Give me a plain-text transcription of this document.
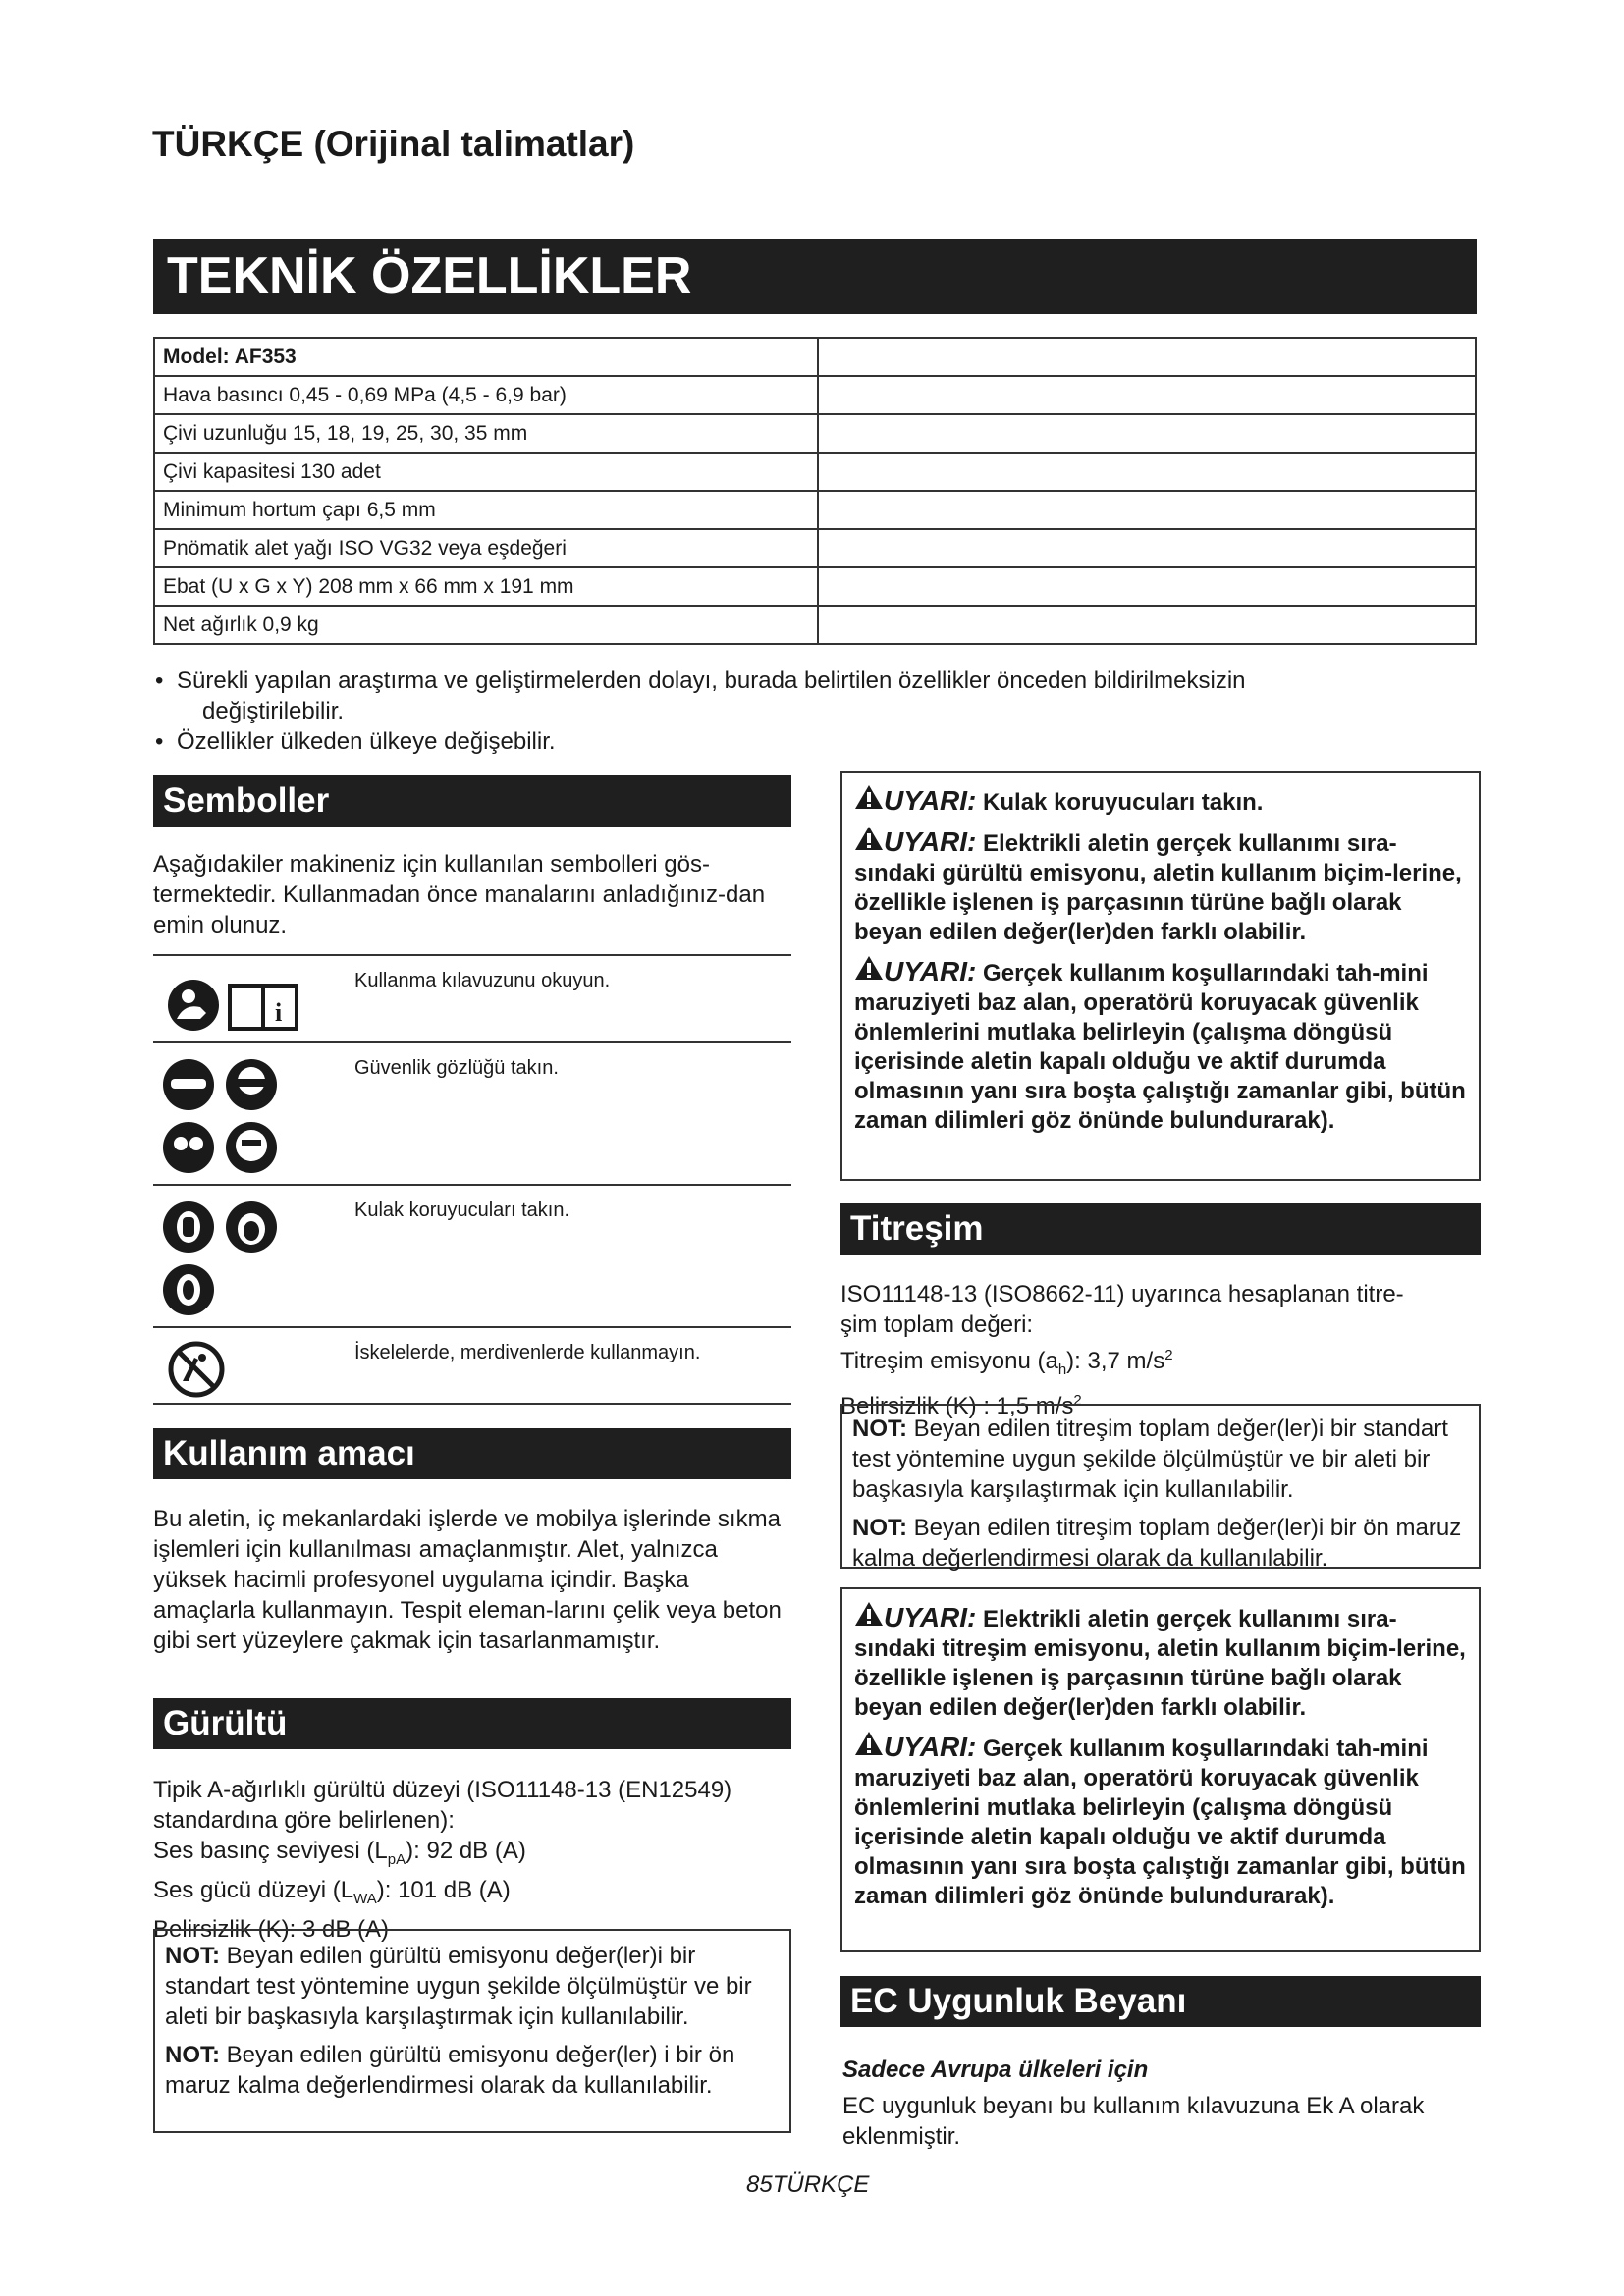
TÜRKÇE (Orijinal talimatlar)
TEKNİK ÖZELLİKLER
Model: AF353	
Hava basıncı 0,45 - 0,69 MPa (4,5 - 6,9 bar)	
Çivi uzunluğu 15, 18, 19, 25, 30, 35 mm	
Çivi kapasitesi 130 adet	
Minimum hortum çapı 6,5 mm	
Pnömatik alet yağı ISO VG32 veya eşdeğeri	
Ebat (U x G x Y) 208 mm x 66 mm x 191 mm	
Net ağırlık 0,9 kg	
• Sürekli yapılan araştırma ve geliştirmelerden dolayı, burada belirtilen özellikler önceden bildirilmeksizin
değiştirilebilir.
• Özellikler ülkeden ülkeye değişebilir.
Semboller

Aşağıdakiler makineniz için kullanılan sembolleri gös-termektedir. Kullanmadan önce manalarını anladığınız-dan emin olunuz.

i
Kullanma kılavuzunu okuyun.
Güvenlik gözlüğü takın.
Kulak koruyucuları takın.
İskelelerde, merdivenlerde kullanmayın.
Kullanım amacı

Bu aletin, iç mekanlardaki işlerde ve mobilya işlerinde sıkma işlemleri için kullanılması amaçlanmıştır. Alet, yalnızca yüksek hacimli profesyonel uygulama içindir. Başka amaçlarla kullanmayın. Tespit eleman-larını çelik veya beton gibi sert yüzeylere çakmak için tasarlanmamıştır.

Gürültü
Tipik A-ağırlıklı gürültü düzeyi (ISO11148-13 (EN12549)
standardına göre belirlenen):
Ses basınç seviyesi $(L_{pA})$: 92 dB (A)
Ses gücü düzeyi $(L_{WA})$: 101 dB (A)
Belirsizlik (K): 3 dB (A)

NOT: Beyan edilen gürültü emisyonu değer(ler)i bir standart test yöntemine uygun şekilde ölçülmüştür ve bir aleti bir başkasıyla karşılaştırmak için kullanılabilir.

NOT: Beyan edilen gürültü emisyonu değer(ler) i bir ön maruz kalma değerlendirmesi olarak da kullanılabilir.

UYARI: Kulak koruyucuları takın.
UYARI: Elektrikli aletin gerçek kullanımı sıra-sındaki gürültü emisyonu, aletin kullanım biçim-lerine, özellikle işlenen iş parçasının türüne bağlı olarak beyan edilen değer(ler)den farklı olabilir.
UYARI: Gerçek kullanım koşullarındaki tah-mini maruziyeti baz alan, operatörü koruyacak güvenlik önlemlerini mutlaka belirleyin (çalışma döngüsü içerisinde aletin kapalı olduğu ve aktif durumda olmasının yanı sıra boşta çalıştığı zamanlar gibi, bütün zaman dilimleri göz önünde bulundurarak).
Titreşim
ISO11148-13 (ISO8662-11) uyarınca hesaplanan titre-
şim toplam değeri:
Titreşim emisyonu $(a_h)$: 3,7 $m/s^2$
Belirsizlik (K) : 1,5 $m/s^2$

NOT: Beyan edilen titreşim toplam değer(ler)i bir standart test yöntemine uygun şekilde ölçülmüştür ve bir aleti bir başkasıyla karşılaştırmak için kullanılabilir.

NOT: Beyan edilen titreşim toplam değer(ler)i bir ön maruz kalma değerlendirmesi olarak da kullanılabilir.

UYARI: Elektrikli aletin gerçek kullanımı sıra-sındaki titreşim emisyonu, aletin kullanım biçim-lerine, özellikle işlenen iş parçasının türüne bağlı olarak beyan edilen değer(ler)den farklı olabilir.
UYARI: Gerçek kullanım koşullarındaki tah-mini maruziyeti baz alan, operatörü koruyacak güvenlik önlemlerini mutlaka belirleyin (çalışma döngüsü içerisinde aletin kapalı olduğu ve aktif durumda olmasının yanı sıra boşta çalıştığı zamanlar gibi, bütün zaman dilimleri göz önünde bulundurarak).
EC Uygunluk Beyanı
Sadece Avrupa ülkeleri için

EC uygunluk beyanı bu kullanım kılavuzuna Ek A olarak eklenmiştir.

85TÜRKÇE
